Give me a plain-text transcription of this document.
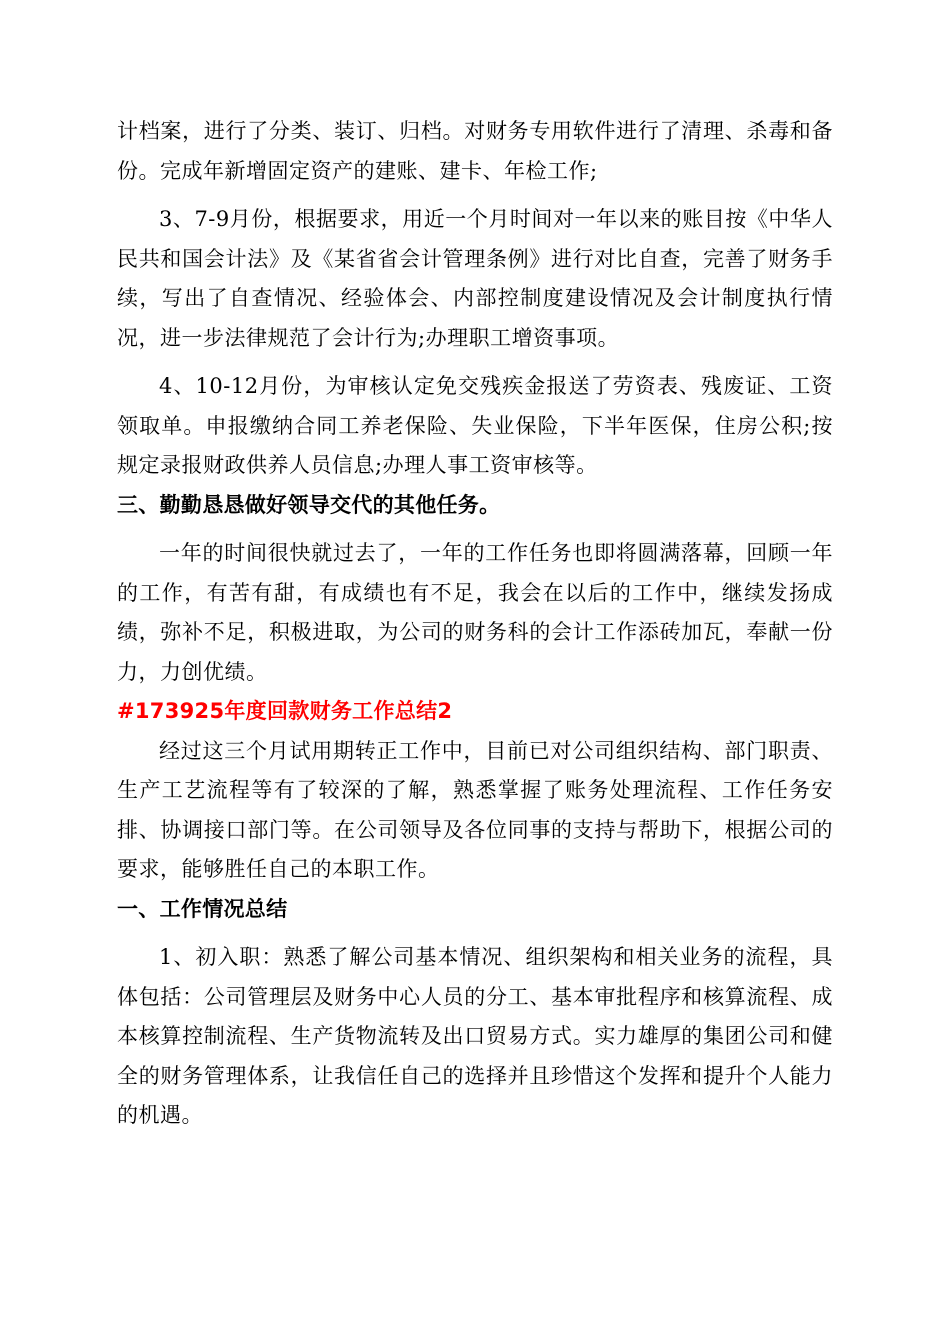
计档案，进行了分类、装订、归档。对财务专用软件进行了清理、杀毒和备份。完成年新增固定资产的建账、建卡、年检工作;

3、7-9月份，根据要求，用近一个月时间对一年以来的账目按《中华人民共和国会计法》及《某省省会计管理条例》进行对比自查，完善了财务手续，写出了自查情况、经验体会、内部控制度建设情况及会计制度执行情况，进一步法律规范了会计行为;办理职工增资事项。

4、10-12月份，为审核认定免交残疾金报送了劳资表、残废证、工资领取单。申报缴纳合同工养老保险、失业保险，下半年医保，住房公积;按规定录报财政供养人员信息;办理人事工资审核等。

三、勤勤恳恳做好领导交代的其他任务。

一年的时间很快就过去了，一年的工作任务也即将圆满落幕，回顾一年的工作，有苦有甜，有成绩也有不足，我会在以后的工作中，继续发扬成绩，弥补不足，积极进取，为公司的财务科的会计工作添砖加瓦，奉献一份力，力创优绩。

#173925年度回款财务工作总结2

经过这三个月试用期转正工作中，目前已对公司组织结构、部门职责、生产工艺流程等有了较深的了解，熟悉掌握了账务处理流程、工作任务安排、协调接口部门等。在公司领导及各位同事的支持与帮助下，根据公司的要求，能够胜任自己的本职工作。

一、工作情况总结

1、初入职：熟悉了解公司基本情况、组织架构和相关业务的流程，具体包括：公司管理层及财务中心人员的分工、基本审批程序和核算流程、成本核算控制流程、生产货物流转及出口贸易方式。实力雄厚的集团公司和健全的财务管理体系，让我信任自己的选择并且珍惜这个发挥和提升个人能力的机遇。
